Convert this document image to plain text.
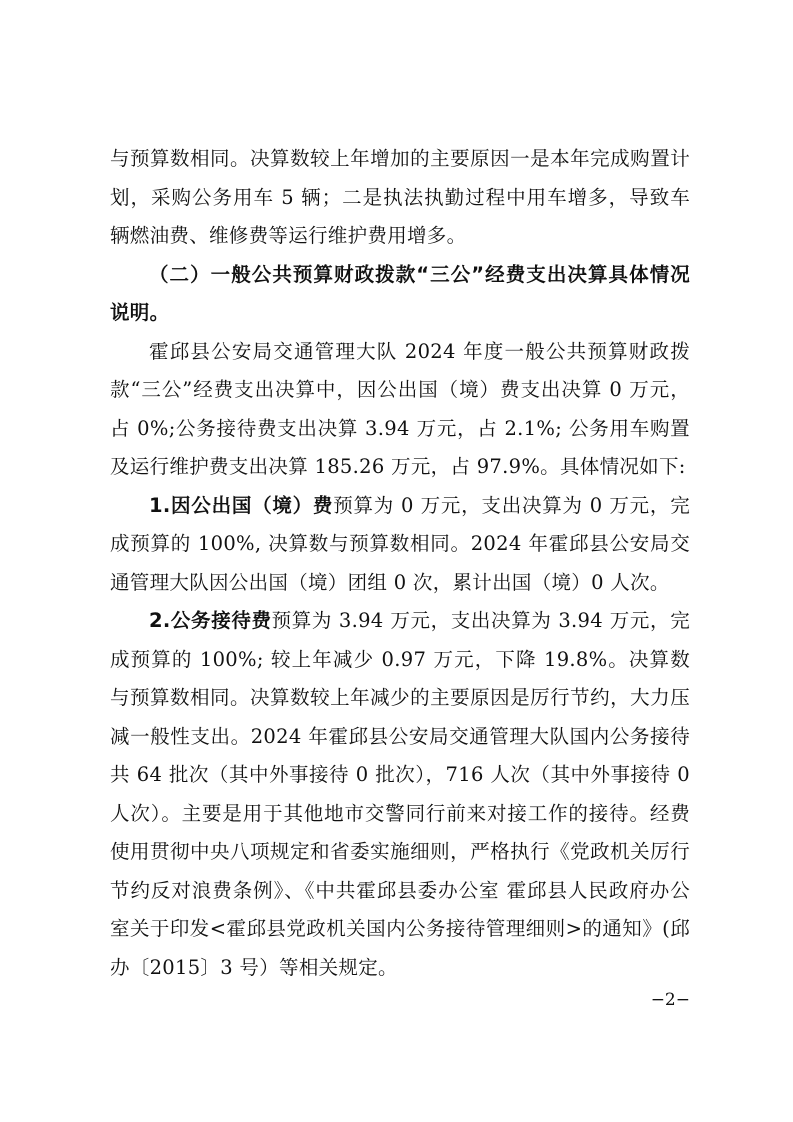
与预算数相同。决算数较上年增加的主要原因一是本年完成购置计划，采购公务用车 5 辆；二是执法执勤过程中用车增多，导致车辆燃油费、维修费等运行维护费用增多。

（二）一般公共预算财政拨款“三公”经费支出决算具体情况说明。

霍邱县公安局交通管理大队 2024 年度一般公共预算财政拨款“三公”经费支出决算中，因公出国（境）费支出决算 0 万元，占 0%;公务接待费支出决算 3.94 万元，占 2.1%; 公务用车购置及运行维护费支出决算 185.26 万元，占 97.9%。具体情况如下:

1.因公出国（境）费预算为 0 万元，支出决算为 0 万元，完成预算的 100%, 决算数与预算数相同。2024 年霍邱县公安局交通管理大队因公出国（境）团组 0 次，累计出国（境）0 人次。

2.公务接待费预算为 3.94 万元，支出决算为 3.94 万元，完成预算的 100%; 较上年减少 0.97 万元，下降 19.8%。决算数与预算数相同。决算数较上年减少的主要原因是厉行节约，大力压减一般性支出。2024 年霍邱县公安局交通管理大队国内公务接待共 64 批次（其中外事接待 0 批次），716 人次（其中外事接待 0 人次）。主要是用于其他地市交警同行前来对接工作的接待。经费使用贯彻中央八项规定和省委实施细则，严格执行《党政机关厉行节约反对浪费条例》、《中共霍邱县委办公室 霍邱县人民政府办公室关于印发<霍邱县党政机关国内公务接待管理细则>的通知》(邱办〔2015〕3 号）等相关规定。

−2−
